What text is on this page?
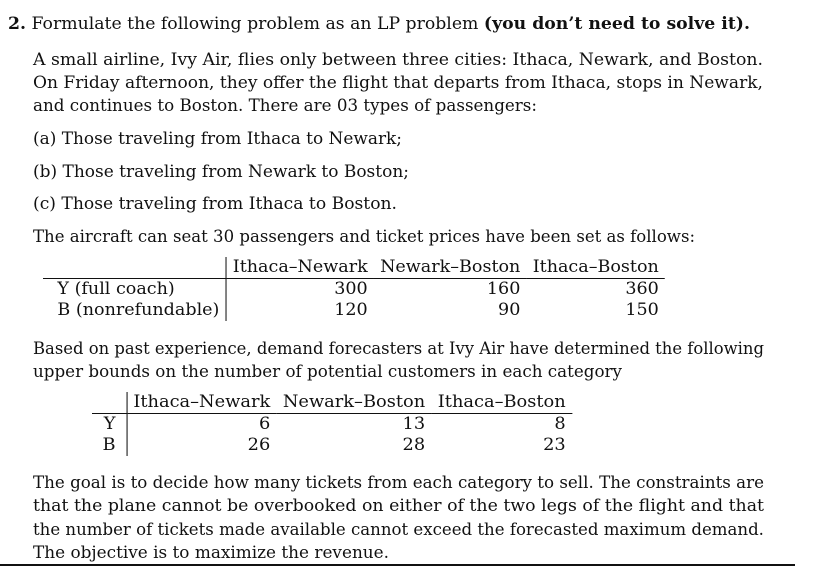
2. Formulate the following problem as an LP problem (you don’t need to solve it).
A small airline, Ivy Air, flies only between three cities: Ithaca, Newark, and Boston.
On Friday afternoon, they offer the flight that departs from Ithaca, stops in Newark,
and continues to Boston. There are 03 types of passengers:
(a) Those traveling from Ithaca to Newark;
(b) Those traveling from Newark to Boston;
(c) Those traveling from Ithaca to Boston.
The aircraft can seat 30 passengers and ticket prices have been set as follows:
	Ithaca–Newark	Newark–Boston	Ithaca–Boston
Y (full coach)	300	160	360
B (nonrefundable)	120	90	150
Based on past experience, demand forecasters at Ivy Air have determined the following
upper bounds on the number of potential customers in each category
	Ithaca–Newark	Newark–Boston	Ithaca–Boston
Y	6	13	8
B	26	28	23
The goal is to decide how many tickets from each category to sell. The constraints are
that the plane cannot be overbooked on either of the two legs of the flight and that
the number of tickets made available cannot exceed the forecasted maximum demand.
The objective is to maximize the revenue.
